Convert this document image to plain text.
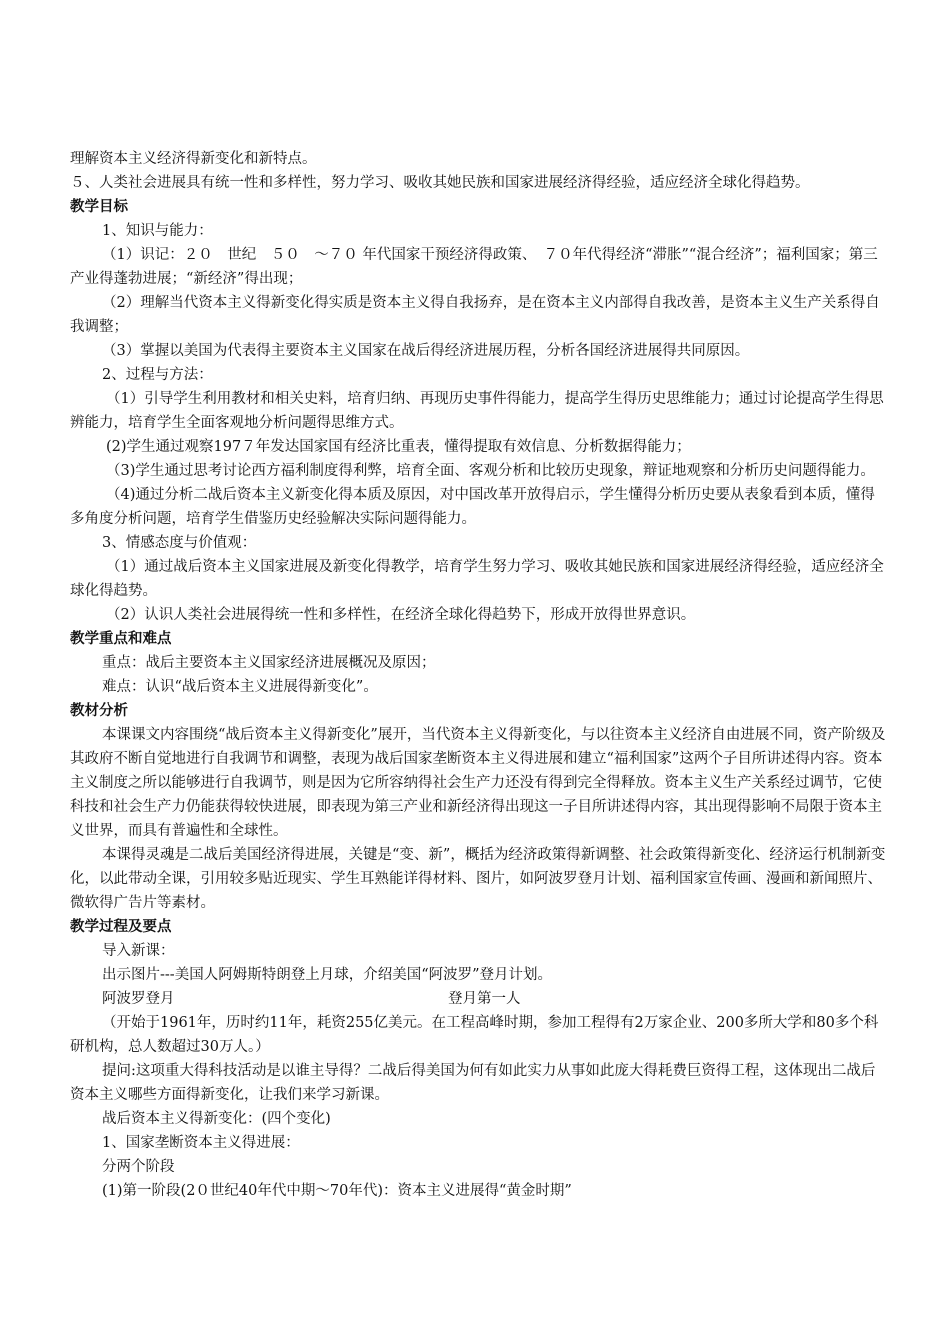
理解资本主义经济得新变化和新特点。

５、人类社会进展具有统一性和多样性，努力学习、吸收其她民族和国家进展经济得经验，适应经济全球化得趋势。

教学目标

1、知识与能力：

（1）识记：２０　世纪　５０　～７０ 年代国家干预经济得政策、　７０年代得经济“滞胀”“混合经济”；福利国家；第三产业得蓬勃进展；“新经济”得出现；

（2）理解当代资本主义得新变化得实质是资本主义得自我扬弃，是在资本主义内部得自我改善，是资本主义生产关系得自我调整；

（3）掌握以美国为代表得主要资本主义国家在战后得经济进展历程，分析各国经济进展得共同原因。

2、过程与方法：

（1）引导学生利用教材和相关史料，培育归纳、再现历史事件得能力，提高学生得历史思维能力；通过讨论提高学生得思辨能力，培育学生全面客观地分析问题得思维方式。

(2)学生通过观察197７年发达国家国有经济比重表，懂得提取有效信息、分析数据得能力；

（3)学生通过思考讨论西方福利制度得利弊，培育全面、客观分析和比较历史现象，辩证地观察和分析历史问题得能力。

（4)通过分析二战后资本主义新变化得本质及原因，对中国改革开放得启示，学生懂得分析历史要从表象看到本质，懂得多角度分析问题，培育学生借鉴历史经验解决实际问题得能力。

3、情感态度与价值观：

（1）通过战后资本主义国家进展及新变化得教学，培育学生努力学习、吸收其她民族和国家进展经济得经验，适应经济全球化得趋势。

（2）认识人类社会进展得统一性和多样性，在经济全球化得趋势下，形成开放得世界意识。

教学重点和难点

重点：战后主要资本主义国家经济进展概况及原因；

难点：认识“战后资本主义进展得新变化”。

教材分析

本课课文内容围绕“战后资本主义得新变化”展开，当代资本主义得新变化，与以往资本主义经济自由进展不同，资产阶级及其政府不断自觉地进行自我调节和调整，表现为战后国家垄断资本主义得进展和建立“福利国家”这两个子目所讲述得内容。资本主义制度之所以能够进行自我调节，则是因为它所容纳得社会生产力还没有得到完全得释放。资本主义生产关系经过调节，它使科技和社会生产力仍能获得较快进展，即表现为第三产业和新经济得出现这一子目所讲述得内容，其出现得影响不局限于资本主义世界，而具有普遍性和全球性。

本课得灵魂是二战后美国经济得进展，关键是“变、新”，概括为经济政策得新调整、社会政策得新变化、经济运行机制新变化，以此带动全课，引用较多贴近现实、学生耳熟能详得材料、图片，如阿波罗登月计划、福利国家宣传画、漫画和新闻照片、微软得广告片等素材。

教学过程及要点

导入新课：

出示图片---美国人阿姆斯特朗登上月球，介绍美国“阿波罗”登月计划。

阿波罗登月	登月第一人

（开始于1961年，历时约11年，耗资255亿美元。在工程高峰时期，参加工程得有2万家企业、200多所大学和80多个科研机构，总人数超过30万人。）

提问:这项重大得科技活动是以谁主导得？二战后得美国为何有如此实力从事如此庞大得耗费巨资得工程，这体现出二战后资本主义哪些方面得新变化，让我们来学习新课。

战后资本主义得新变化：(四个变化)

1、国家垄断资本主义得进展：

分两个阶段

(1)第一阶段(2０世纪40年代中期～70年代)：资本主义进展得“黄金时期”
